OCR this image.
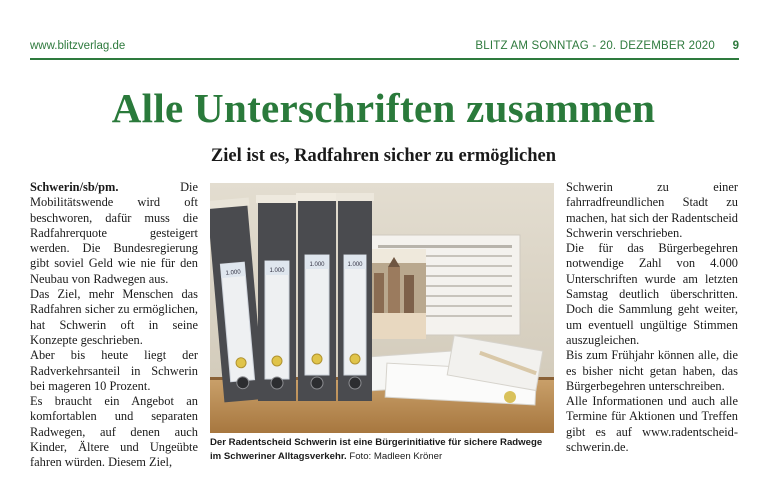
www.blitzverlag.de	BLITZ AM SONNTAG - 20. DEZEMBER 2020 9
Alle Unterschriften zusammen
Ziel ist es, Radfahren sicher zu ermöglichen

Schwerin/sb/pm. Die Mobilitätswende wird oft beschworen, dafür muss die Radfahrerquote gesteigert werden. Die Bundesregierung gibt soviel Geld wie nie für den Neubau von Radwegen aus.

Das Ziel, mehr Menschen das Radfahren sicher zu ermöglichen, hat Schwerin oft in seine Konzepte geschrieben.

Aber bis heute liegt der Radverkehrsanteil in Schwerin bei mageren 10 Prozent.

Es braucht ein Angebot an komfortablen und separaten Radwegen, auf denen auch Kinder, Ältere und Ungeübte fahren würden. Diesem Ziel,

1.000	1.000
1.000	1.000
Der Radentscheid Schwerin ist eine Bürgerinitiative für sichere Radwege im Schweriner Alltagsverkehr. Foto: Madleen Kröner

Schwerin zu einer fahrradfreundlichen Stadt zu machen, hat sich der Radentscheid Schwerin verschrieben.

Die für das Bürgerbegehren notwendige Zahl von 4.000 Unterschriften wurde am letzten Samstag deutlich überschritten. Doch die Sammlung geht weiter, um eventuell ungültige Stimmen auszugleichen.

Bis zum Frühjahr können alle, die es bisher nicht getan haben, das Bürgerbegehren unterschreiben.

Alle Informationen und auch alle Termine für Aktionen und Treffen gibt es auf www.radentscheid-schwerin.de.
